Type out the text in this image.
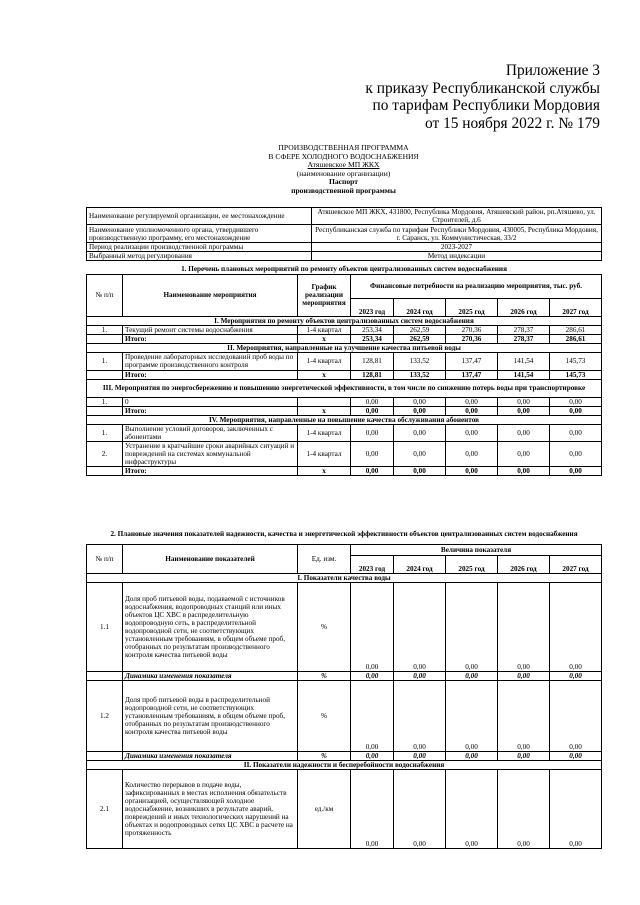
Приложение 3
к приказу Республиканской службы
по тарифам Республики Мордовия
от 15 ноября 2022 г. № 179
ПРОИЗВОДСТВЕННАЯ ПРОГРАММА
В СФЕРЕ ХОЛОДНОГО ВОДОСНАБЖЕНИЯ
Атяшевское МП ЖКХ
(наименование организации)
Паспорт
производственной программы
Наименование регулируемой организации, ее местонахождение	Атяшевское МП ЖКХ, 431800, Республика Мордовия, Атяшевский район, рп.Атяшево, ул. Строителей, д.6
Наименование уполномоченного органа, утвердившего производственную программу, его местонахождение	Республиканская служба по тарифам Республики Мордовия, 430005, Республика Мордовия, г. Саранск, ул. Коммунистическая, 33/2
Период реализации производственной программы	2023-2027
Выбранный метод регулирования	Метод индексации
1. Перечень плановых мероприятий по ремонту объектов централизованных систем водоснабжения							
№ п/п	Наименование мероприятия	График реализации мероприятия	Финансовые потребности на реализацию мероприятия, тыс. руб.				
			2023 год	2024 год	2025 год	2026 год	2027 год
I. Мероприятия по ремонту объектов централизованных систем водоснабжения							
1.	Текущий ремонт системы водоснабжения	1-4 квартал	253,34	262,59	270,36	278,37	286,61
	Итого:	х	253,34	262,59	270,36	278,37	286,61
II. Мероприятия, направленные на улучшение качества питьевой воды							
1.	Проведение лабораторных исследований проб воды по программе производственного контроля	1-4 квартал	128,81	133,52	137,47	141,54	145,73
	Итого:	х	128,81	133,52	137,47	141,54	145,73
III. Мероприятия по энергосбережению и повышению энергетической эффективности, в том числе по снижению потерь воды при транспортировке							
1.	0		0,00	0,00	0,00	0,00	0,00
	Итого:	х	0,00	0,00	0,00	0,00	0,00
IV. Мероприятия, направленные на повышение качества обслуживания абонентов							
1.	Выполнение условий договоров, заключенных с абонентами	1-4 квартал	0,00	0,00	0,00	0,00	0,00
2.	Устранение в кратчайшие сроки аварийных ситуаций и повреждений на системах коммунальной инфраструктуры	1-4 квартал	0,00	0,00	0,00	0,00	0,00
	Итого:	х	0,00	0,00	0,00	0,00	0,00
2. Плановые значения показателей надежности, качества и энергетической эффективности объектов централизованных систем водоснабжения							
№ п/п	Наименование показателей	Ед. изм.	Величина показателя				
			2023 год	2024 год	2025 год	2026 год	2027 год
I. Показатели качества воды							
1.1	Доля проб питьевой воды, подаваемой с источников водоснабжения, водопроводных станций или иных объектов ЦС ХВС в распределительную водопроводную сеть, в распределительной водопроводной сети, не соответствующих установленным требованиям, в общем объеме проб, отобранных по результатам производственного контроля качества питьевой воды	%	0,00	0,00	0,00	0,00	0,00
	Динамика изменения показателя	%	0,00	0,00	0,00	0,00	0,00
1.2	Доля проб питьевой воды в распределительной водопроводной сети, не соответствующих установленным требованиям, в общем объеме проб, отобранных по результатам производственного контроля качества питьевой воды	%	0,00	0,00	0,00	0,00	0,00
	Динамика изменения показателя	%	0,00	0,00	0,00	0,00	0,00
II. Показатели надежности и бесперебойности водоснабжения							
2.1	Количество перерывов в подаче воды, зафиксированных в местах исполнения обязательств организацией, осуществляющей холодное водоснабжение, возникших в результате аварий, повреждений и иных технологических нарушений на объектах и водопроводных сетях ЦС ХВС в расчете на протяженность	ед./км	0,00	0,00	0,00	0,00	0,00
